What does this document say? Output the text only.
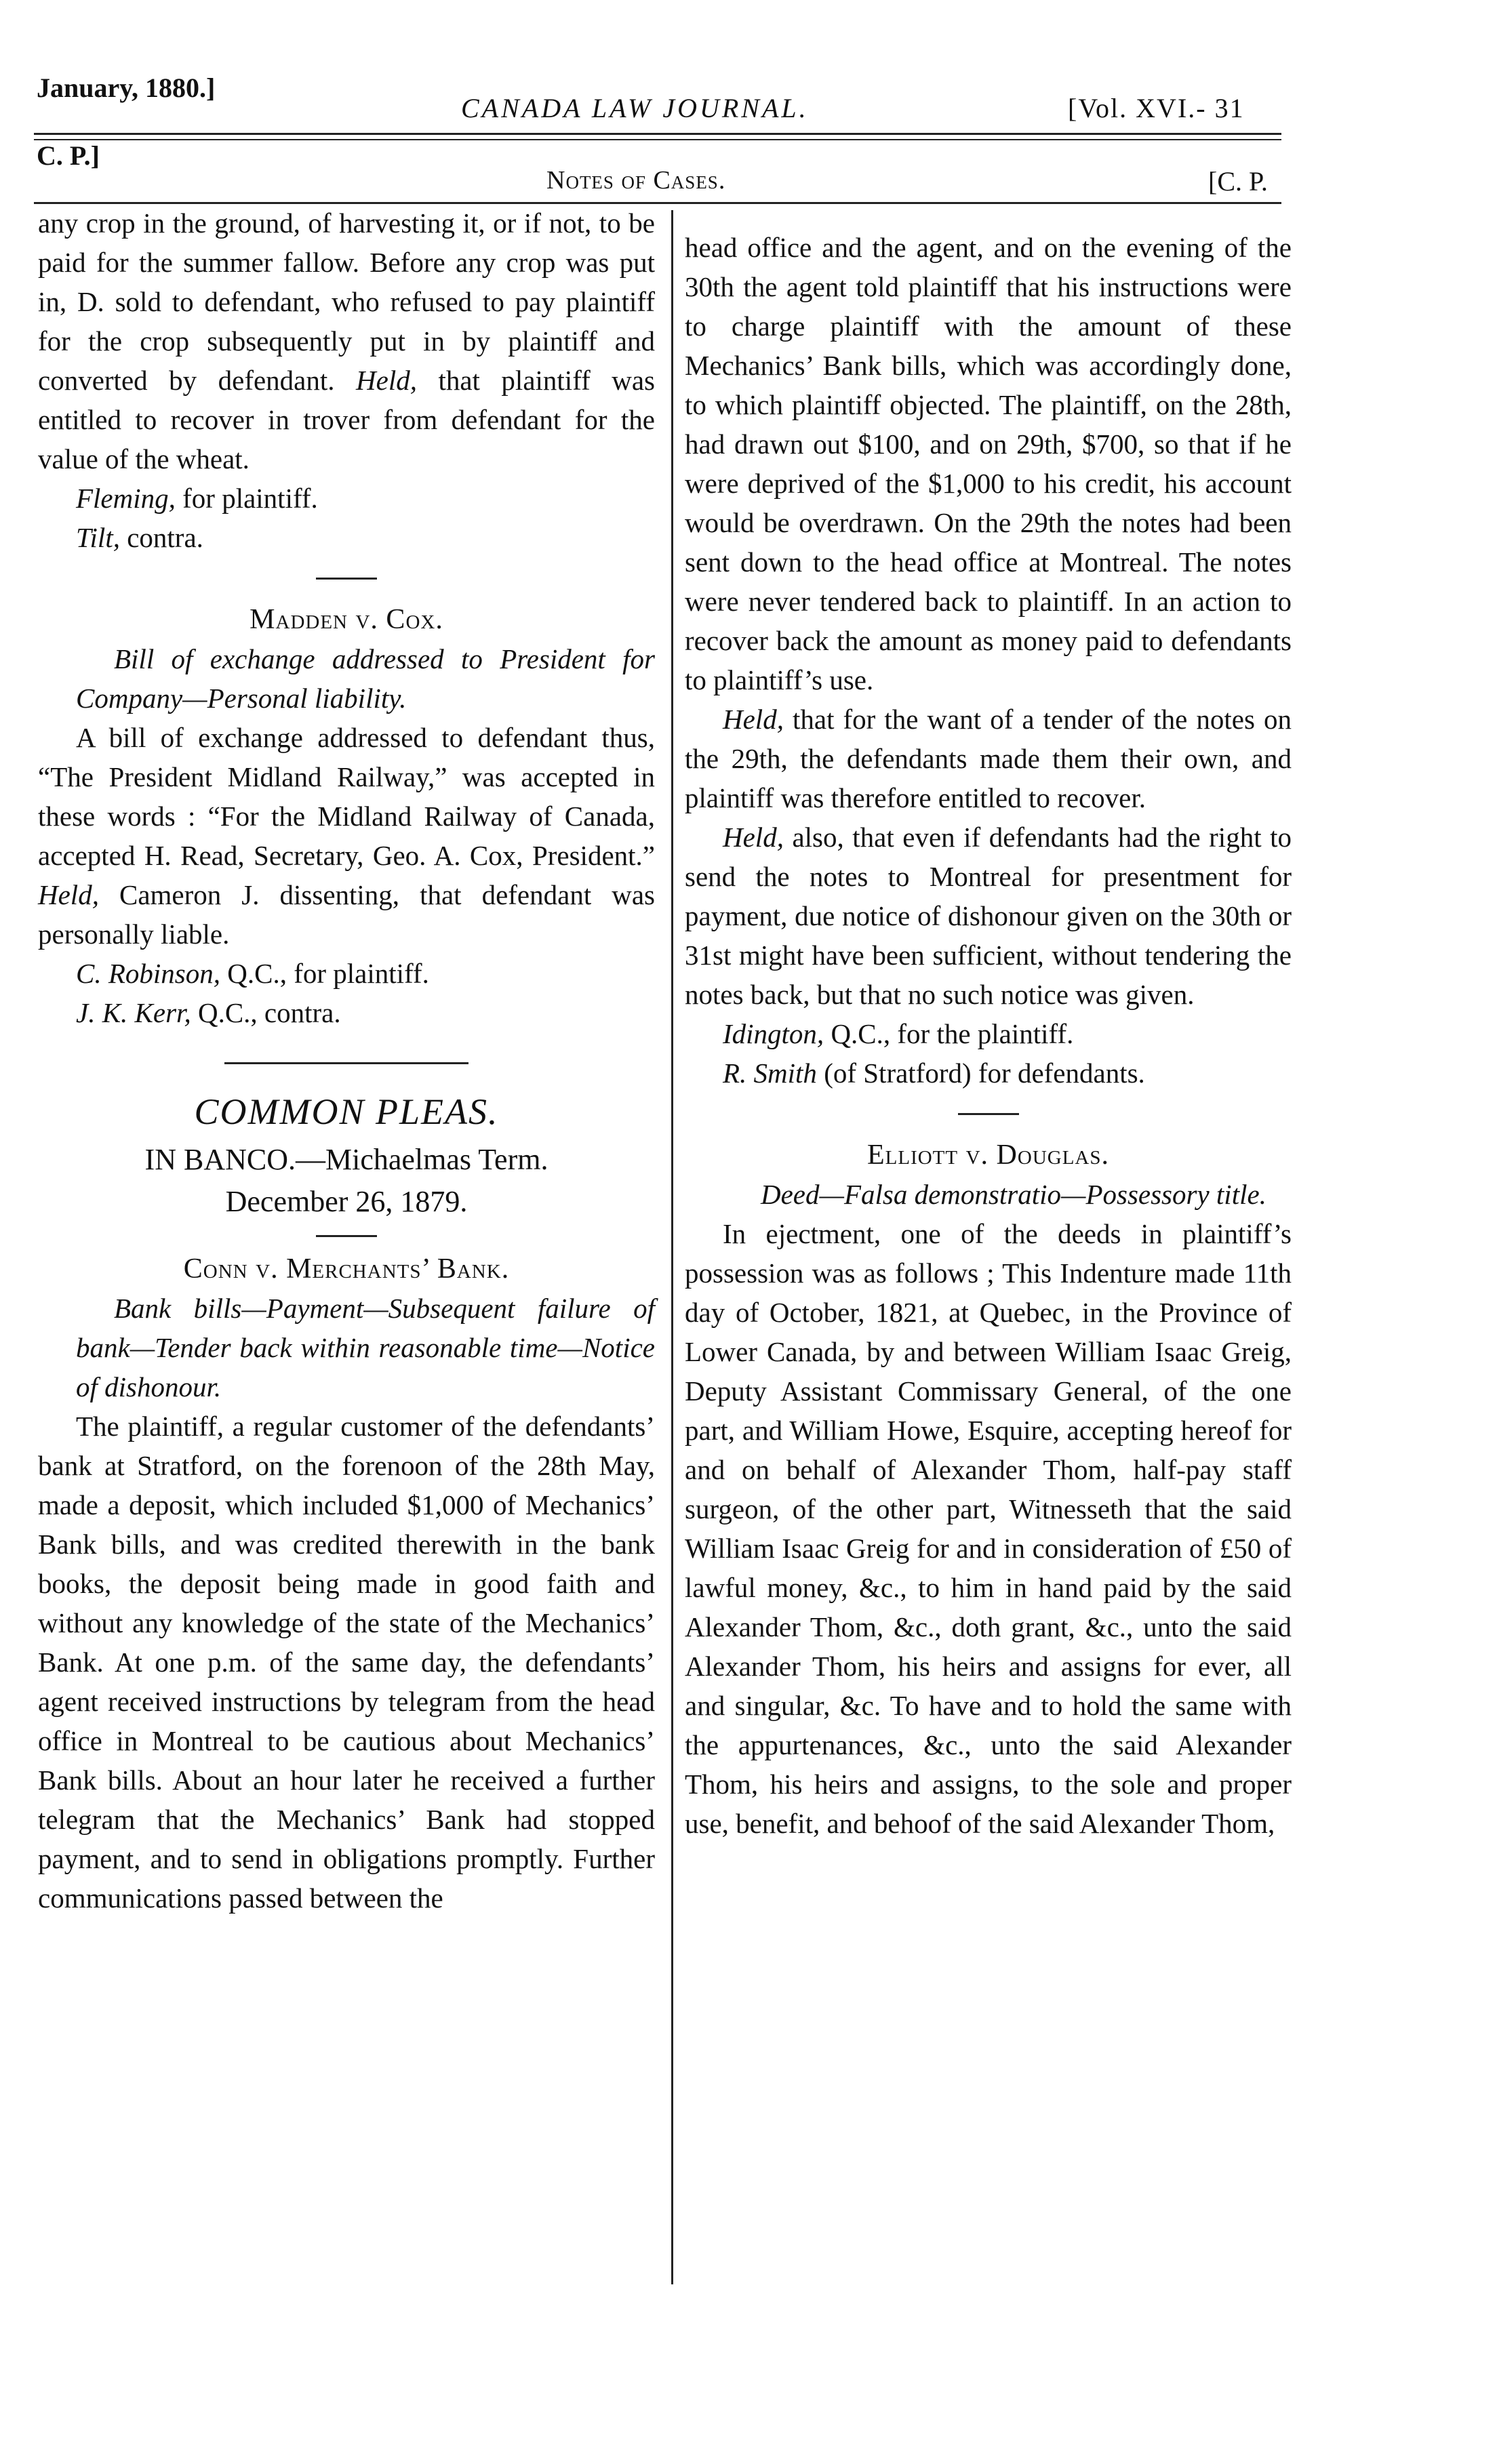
January, 1880.]
CANADA LAW JOURNAL.	[Vol. XVI.- 31
C. P.]
Notes of Cases.	[C. P.

any crop in the ground, of harvesting it, or if not, to be paid for the summer fallow. Before any crop was put in, D. sold to defendant, who refused to pay plaintiff for the crop subsequently put in by plaintiff and converted by defendant. Held, that plaintiff was entitled to recover in trover from defendant for the value of the wheat.

Fleming, for plaintiff.

Tilt, contra.

Madden v. Cox.

Bill of exchange addressed to President for Company—Personal liability.

A bill of exchange addressed to defendant thus, “The President Midland Railway,” was accepted in these words : “For the Midland Railway of Canada, accepted H. Read, Secretary, Geo. A. Cox, President.” Held, Cameron J. dissenting, that defendant was personally liable.

C. Robinson, Q.C., for plaintiff.

J. K. Kerr, Q.C., contra.

COMMON PLEAS.

IN BANCO.—Michaelmas Term.

December 26, 1879.

Conn v. Merchants’ Bank.

Bank bills—Payment—Subsequent failure of bank—Tender back within reasonable time—Notice of dishonour.

The plaintiff, a regular customer of the defendants’ bank at Stratford, on the forenoon of the 28th May, made a deposit, which included $1,000 of Mechanics’ Bank bills, and was credited therewith in the bank books, the deposit being made in good faith and without any knowledge of the state of the Mechanics’ Bank. At one p.m. of the same day, the defendants’ agent received instructions by telegram from the head office in Montreal to be cautious about Mechanics’ Bank bills. About an hour later he received a further telegram that the Mechanics’ Bank had stopped payment, and to send in obligations promptly. Further communications passed between the

head office and the agent, and on the evening of the 30th the agent told plaintiff that his instructions were to charge plaintiff with the amount of these Mechanics’ Bank bills, which was accordingly done, to which plaintiff objected. The plaintiff, on the 28th, had drawn out $100, and on 29th, $700, so that if he were deprived of the $1,000 to his credit, his account would be overdrawn. On the 29th the notes had been sent down to the head office at Montreal. The notes were never tendered back to plaintiff. In an action to recover back the amount as money paid to defendants to plaintiff’s use.

Held, that for the want of a tender of the notes on the 29th, the defendants made them their own, and plaintiff was therefore entitled to recover.

Held, also, that even if defendants had the right to send the notes to Montreal for presentment for payment, due notice of dishonour given on the 30th or 31st might have been sufficient, without tendering the notes back, but that no such notice was given.

Idington, Q.C., for the plaintiff.

R. Smith (of Stratford) for defendants.

Elliott v. Douglas.

Deed—Falsa demonstratio—Possessory title.

In ejectment, one of the deeds in plaintiff’s possession was as follows ; This Indenture made 11th day of October, 1821, at Quebec, in the Province of Lower Canada, by and between William Isaac Greig, Deputy Assistant Commissary General, of the one part, and William Howe, Esquire, accepting hereof for and on behalf of Alexander Thom, half-pay staff surgeon, of the other part, Witnesseth that the said William Isaac Greig for and in consideration of £50 of lawful money, &c., to him in hand paid by the said Alexander Thom, &c., doth grant, &c., unto the said Alexander Thom, his heirs and assigns for ever, all and singular, &c. To have and to hold the same with the appurtenances, &c., unto the said Alexander Thom, his heirs and assigns, to the sole and proper use, benefit, and behoof of the said Alexander Thom,
